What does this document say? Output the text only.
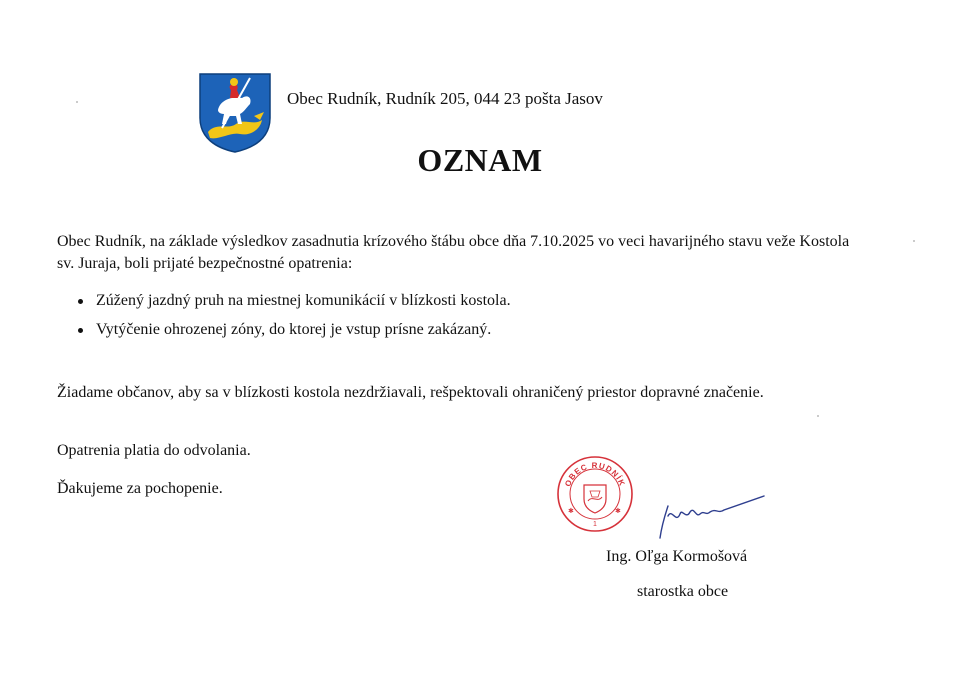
Obec Rudník, Rudník 205, 044 23 pošta Jasov
OZNAM

Obec Rudník, na základe výsledkov zasadnutia krízového štábu obce dňa 7.10.2025 vo veci havarijného stavu veže Kostola sv. Juraja, boli prijaté bezpečnostné opatrenia:

Zúžený jazdný pruh na miestnej komunikácií v blízkosti kostola.
Vytýčenie ohrozenej zóny, do ktorej je vstup prísne zakázaný.

Žiadame občanov, aby sa v blízkosti kostola nezdržiavali, rešpektovali ohraničený priestor dopravné značenie.

Opatrenia platia do odvolania.

Ďakujeme za pochopenie.	OBEC RUDNÍK
✱	✱
1
Ing. Oľga Kormošová
starostka obce
